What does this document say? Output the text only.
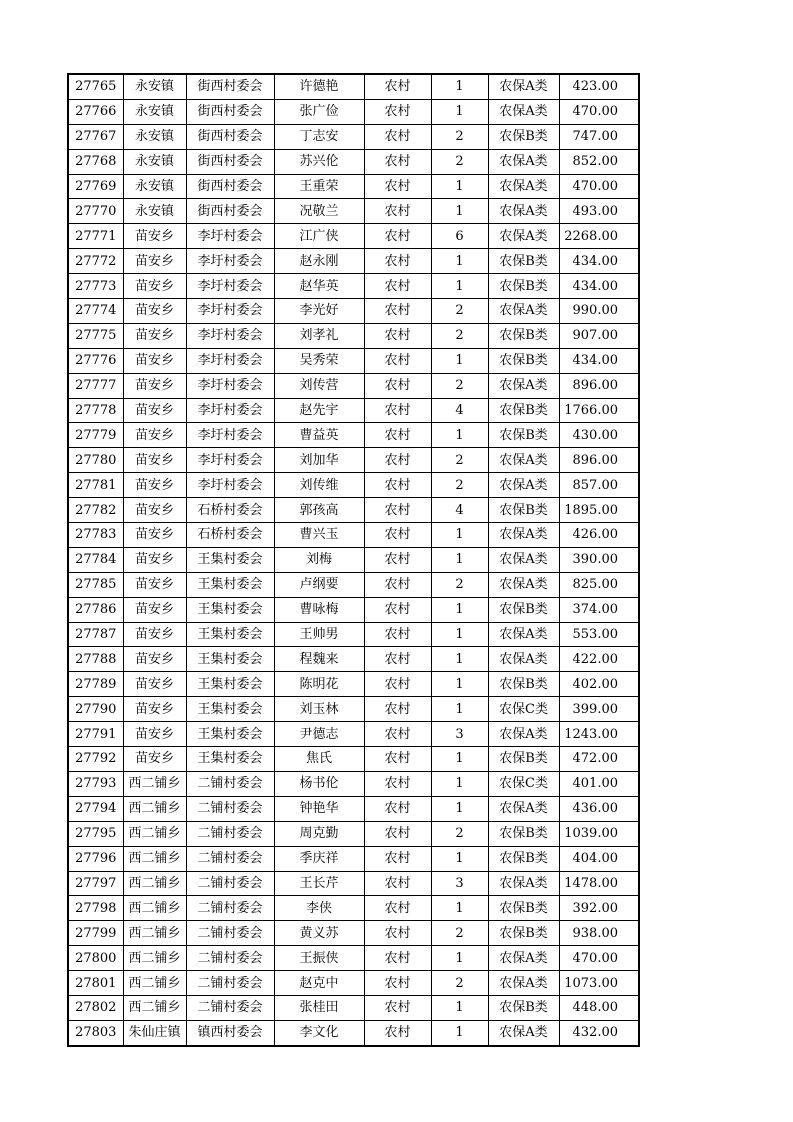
27765	永安镇	街西村委会	许德艳	农村	1	农保A类	423.00
27766	永安镇	街西村委会	张广俭	农村	1	农保A类	470.00
27767	永安镇	街西村委会	丁志安	农村	2	农保B类	747.00
27768	永安镇	街西村委会	苏兴伦	农村	2	农保A类	852.00
27769	永安镇	街西村委会	王重荣	农村	1	农保A类	470.00
27770	永安镇	街西村委会	况敬兰	农村	1	农保A类	493.00
27771	苗安乡	李圩村委会	江广侠	农村	6	农保A类	2268.00
27772	苗安乡	李圩村委会	赵永刚	农村	1	农保B类	434.00
27773	苗安乡	李圩村委会	赵华英	农村	1	农保B类	434.00
27774	苗安乡	李圩村委会	李光好	农村	2	农保A类	990.00
27775	苗安乡	李圩村委会	刘孝礼	农村	2	农保B类	907.00
27776	苗安乡	李圩村委会	吴秀荣	农村	1	农保B类	434.00
27777	苗安乡	李圩村委会	刘传营	农村	2	农保A类	896.00
27778	苗安乡	李圩村委会	赵先宇	农村	4	农保B类	1766.00
27779	苗安乡	李圩村委会	曹益英	农村	1	农保B类	430.00
27780	苗安乡	李圩村委会	刘加华	农村	2	农保A类	896.00
27781	苗安乡	李圩村委会	刘传维	农村	2	农保A类	857.00
27782	苗安乡	石桥村委会	郭孩高	农村	4	农保B类	1895.00
27783	苗安乡	石桥村委会	曹兴玉	农村	1	农保A类	426.00
27784	苗安乡	王集村委会	刘梅	农村	1	农保A类	390.00
27785	苗安乡	王集村委会	卢纲要	农村	2	农保A类	825.00
27786	苗安乡	王集村委会	曹咏梅	农村	1	农保B类	374.00
27787	苗安乡	王集村委会	王帅男	农村	1	农保A类	553.00
27788	苗安乡	王集村委会	程魏来	农村	1	农保A类	422.00
27789	苗安乡	王集村委会	陈明花	农村	1	农保B类	402.00
27790	苗安乡	王集村委会	刘玉林	农村	1	农保C类	399.00
27791	苗安乡	王集村委会	尹德志	农村	3	农保A类	1243.00
27792	苗安乡	王集村委会	焦氏	农村	1	农保B类	472.00
27793	西二铺乡	二铺村委会	杨书伦	农村	1	农保C类	401.00
27794	西二铺乡	二铺村委会	钟艳华	农村	1	农保A类	436.00
27795	西二铺乡	二铺村委会	周克勤	农村	2	农保B类	1039.00
27796	西二铺乡	二铺村委会	季庆祥	农村	1	农保B类	404.00
27797	西二铺乡	二铺村委会	王长芹	农村	3	农保A类	1478.00
27798	西二铺乡	二铺村委会	李侠	农村	1	农保B类	392.00
27799	西二铺乡	二铺村委会	黄义苏	农村	2	农保B类	938.00
27800	西二铺乡	二铺村委会	王振侠	农村	1	农保A类	470.00
27801	西二铺乡	二铺村委会	赵克中	农村	2	农保A类	1073.00
27802	西二铺乡	二铺村委会	张桂田	农村	1	农保B类	448.00
27803	朱仙庄镇	镇西村委会	李文化	农村	1	农保A类	432.00
